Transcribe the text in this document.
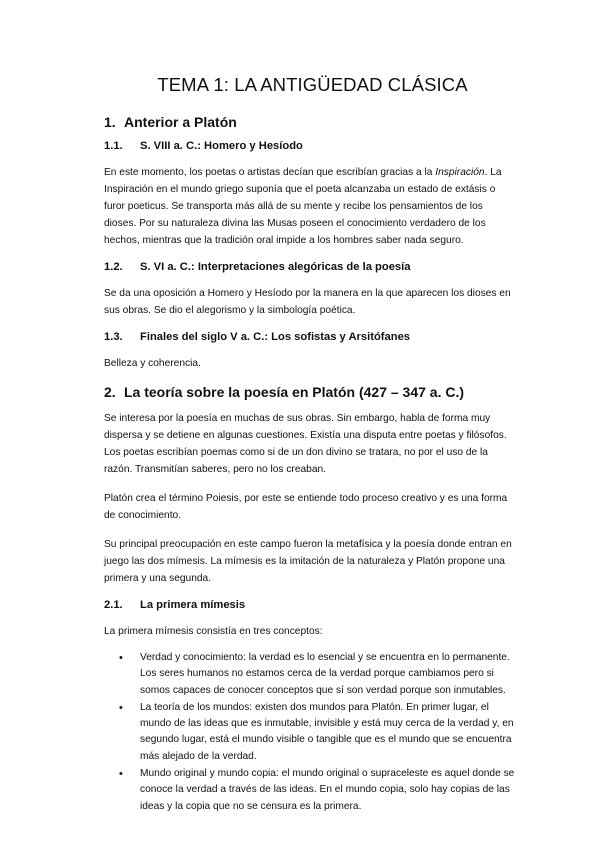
TEMA 1: LA ANTIGÜEDAD CLÁSICA
1. Anterior a Platón
1.1.	S. VIII a. C.: Homero y Hesíodo

En este momento, los poetas o artistas decían que escribían gracias a la Inspiración. La Inspiración en el mundo griego suponía que el poeta alcanzaba un estado de extásis o furor poeticus. Se transporta más allá de su mente y recibe los pensamientos de los dioses. Por su naturaleza divina las Musas poseen el conocimiento verdadero de los hechos, mientras que la tradición oral impide a los hombres saber nada seguro.

1.2.	S. VI a. C.: Interpretaciones alegóricas de la poesía

Se da una oposición a Homero y Hesíodo por la manera en la que aparecen los dioses en sus obras. Se dio el alegorismo y la simbología poética.

1.3.	Finales del siglo V a. C.: Los sofistas y Arsitófanes

Belleza y coherencia.

2. La teoría sobre la poesía en Platón (427 – 347 a. C.)

Se interesa por la poesía en muchas de sus obras. Sin embargo, habla de forma muy dispersa y se detiene en algunas cuestiones. Existía una disputa entre poetas y filósofos. Los poetas escribían poemas como si de un don divino se tratara, no por el uso de la razón. Transmitían saberes, pero no los creaban.

Platón crea el término Poiesis, por este se entiende todo proceso creativo y es una forma de conocimiento.

Su principal preocupación en este campo fueron la metafísica y la poesía donde entran en juego las dos mímesis. La mímesis es la imitación de la naturaleza y Platón propone una primera y una segunda.

2.1.	La primera mímesis

La primera mímesis consistía en tres conceptos:

• Verdad y conocimiento: la verdad es lo esencial y se encuentra en lo permanente. Los seres humanos no estamos cerca de la verdad porque cambiamos pero si somos capaces de conocer conceptos que sí son verdad porque son inmutables.
• La teoría de los mundos: existen dos mundos para Platón. En primer lugar, el mundo de las ideas que es inmutable, invisible y está muy cerca de la verdad y, en segundo lugar, está el mundo visible o tangible que es el mundo que se encuentra más alejado de la verdad.
• Mundo original y mundo copia: el mundo original o supraceleste es aquel donde se conoce la verdad a través de las ideas. En el mundo copia, solo hay copias de las ideas y la copia que no se censura es la primera.
